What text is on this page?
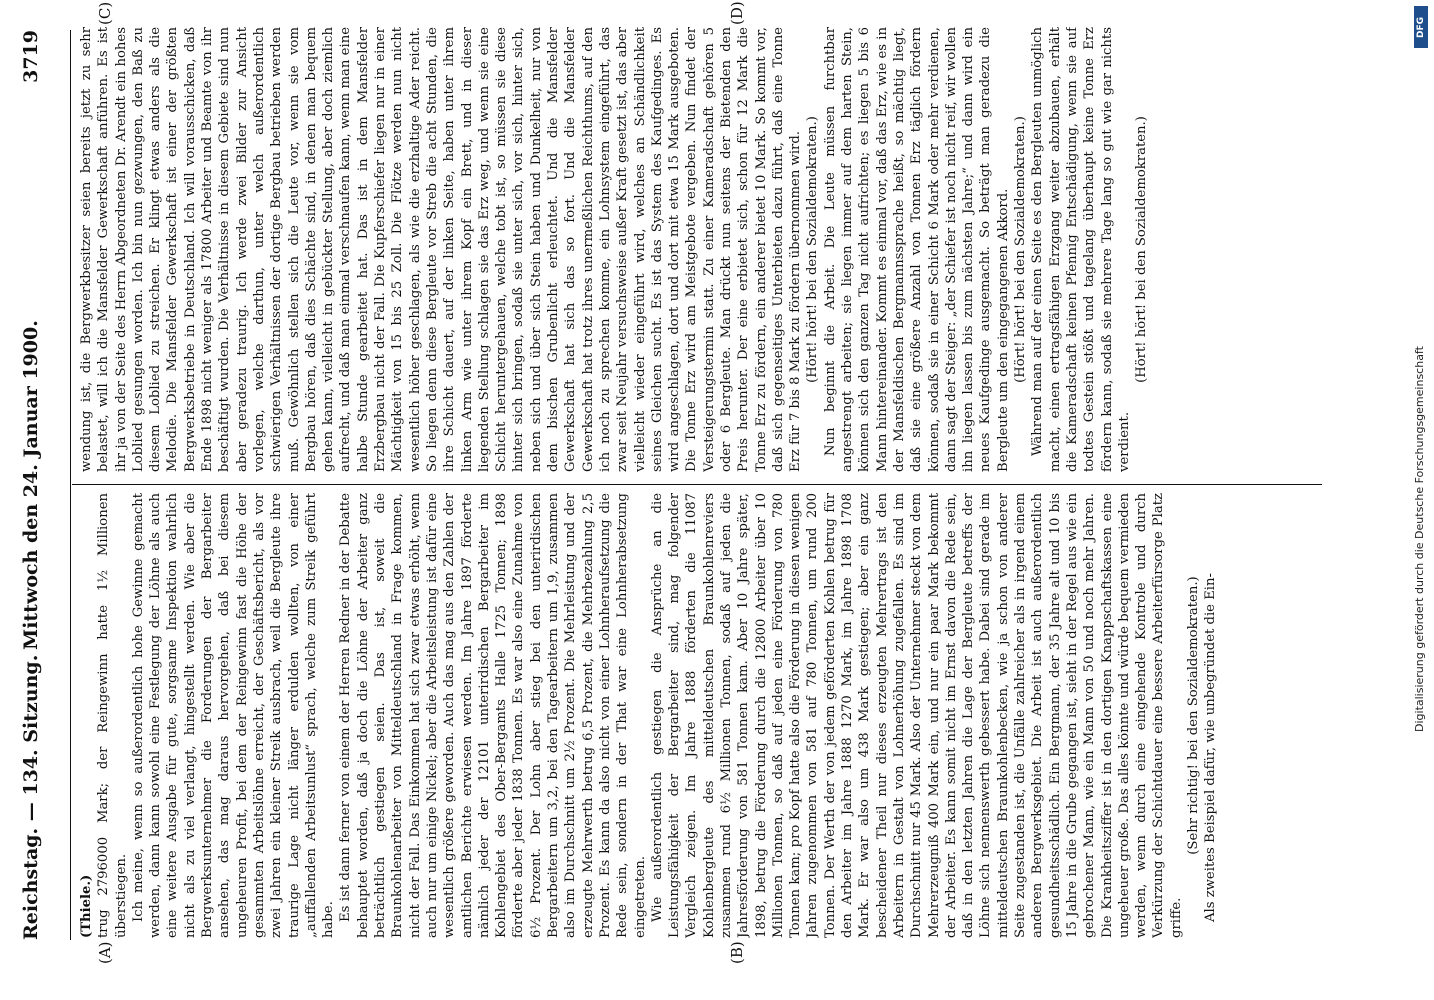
Reichstag. — 134. Sitzung.
Mittwoch den 24. Januar 1900.
3719
(A)	(B)
(C)	(D)

(Thiele.) trug 2796000 Mark; der Reingewinn hatte 1½ Millionen überstiegen. Ich meine, wenn so außerordentlich hohe Gewinne gemacht werden, dann kann sowohl eine Festlegung der Löhne als auch eine weitere Ausgabe für gute, sorgsame Inspektion wahrlich nicht als zu viel verlangt, hingestellt werden. Wie aber die Bergwerksunternehmer die Forderungen der Bergarbeiter ansehen, das mag daraus hervorgehen, daß bei diesem ungeheuren Profit, bei dem der Reingewinn fast die Höhe der gesammten Arbeitslöhne erreicht, der Geschäftsbericht, als vor zwei Jahren ein kleiner Streik ausbrach, weil die Bergleute ihre traurige Lage nicht länger erdulden wollten, von einer „auffallenden Arbeitsunlust“ sprach, welche zum Streik geführt habe. Es ist dann ferner von einem der Herren Redner in der Debatte behauptet worden, daß ja doch die Löhne der Arbeiter ganz beträchtlich gestiegen seien. Das ist, soweit die Braunkohlenarbeiter von Mitteldeutschland in Frage kommen, nicht der Fall. Das Einkommen hat sich zwar etwas erhöht, wenn auch nur um einige Nickel; aber die Arbeitsleistung ist dafür eine wesentlich größere geworden. Auch das mag aus den Zahlen der amtlichen Berichte erwiesen werden. Im Jahre 1897 förderte nämlich jeder der 12101 unterirdischen Bergarbeiter im Kohlengebiet des Ober-Bergamts Halle 1725 Tonnen; 1898 förderte aber jeder 1838 Tonnen. Es war also eine Zunahme von 6½ Prozent. Der Lohn aber stieg bei den unterirdischen Bergarbeitern um 3,2, bei den Tagearbeitern um 1,9, zusammen also im Durchschnitt um 2½ Prozent. Die Mehrleistung und der erzeugte Mehrwerth betrug 6,5 Prozent, die Mehrbezahlung 2,5 Prozent. Es kann da also nicht von einer Lohnheraufsetzung die Rede sein, sondern in der That war eine Lohnherabsetzung eingetreten. Wie außerordentlich gestiegen die Ansprüche an die Leistungsfähigkeit der Bergarbeiter sind, mag folgender Vergleich zeigen. Im Jahre 1888 förderten die 11087 Kohlenbergleute des mitteldeutschen Braunkohlenreviers zusammen rund 6½ Millionen Tonnen, sodaß auf jeden die Jahresförderung von 581 Tonnen kam. Aber 10 Jahre später, 1898, betrug die Förderung durch die 12800 Arbeiter über 10 Millionen Tonnen, so daß auf jeden eine Förderung von 780 Tonnen kam; pro Kopf hatte also die Förderung in diesen wenigen Jahren zugenommen von 581 auf 780 Tonnen, um rund 200 Tonnen. Der Werth der von jedem geförderten Kohlen betrug für den Arbeiter im Jahre 1888 1270 Mark, im Jahre 1898 1708 Mark. Er war also um 438 Mark gestiegen; aber ein ganz bescheidener Theil nur dieses erzeugten Mehrertrags ist den Arbeitern in Gestalt von Lohnerhöhung zugefallen. Es sind im Durchschnitt nur 45 Mark. Also der Unternehmer steckt von dem Mehrerzeugniß 400 Mark ein, und nur ein paar Mark bekommt der Arbeiter. Es kann somit nicht im Ernst davon die Rede sein, daß in den letzten Jahren die Lage der Bergleute betreffs der Löhne sich nennenswerth gebessert habe. Dabei sind gerade im mitteldeutschen Braunkohlenbecken, wie ja schon von anderer Seite zugestanden ist, die Unfälle zahlreicher als in irgend einem anderen Bergwerksgebiet. Die Arbeit ist auch außerordentlich gesundheitsschädlich. Ein Bergmann, der 35 Jahre alt und 10 bis 15 Jahre in die Grube gegangen ist, sieht in der Regel aus wie ein gebrochener Mann, wie ein Mann von 50 und noch mehr Jahren. Die Krankheitsziffer ist in den dortigen Knappschaftskassen eine ungeheuer große. Das alles könnte und würde bequem vermieden werden, wenn durch eine eingehende Kontrole und durch Verkürzung der Schichtdauer eine bessere Arbeiterfürsorge Platz griffe.

(Sehr richtig! bei den Sozialdemokraten.) Als zweites Beispiel dafür, wie unbegründet die Ein-

wendung ist, die Bergwerkbesitzer seien bereits jetzt zu sehr belastet, will ich die Mansfelder Gewerkschaft anführen. Es ist ihr ja von der Seite des Herrn Abgeordneten Dr. Arendt ein hohes Loblied gesungen worden. Ich bin nun gezwungen, den Baß zu diesem Loblied zu streichen. Er klingt etwas anders als die Melodie. Die Mansfelder Gewerkschaft ist einer der größten Bergwerksbetriebe in Deutschland. Ich will vorausschicken, daß Ende 1898 nicht weniger als 17800 Arbeiter und Beamte von ihr beschäftigt wurden. Die Verhältnisse in diesem Gebiete sind nun aber geradezu traurig. Ich werde zwei Bilder zur Ansicht vorlegen, welche darthun, unter welch außerordentlich schwierigen Verhältnissen der dortige Bergbau betrieben werden muß. Gewöhnlich stellen sich die Leute vor, wenn sie vom Bergbau hören, daß dies Schächte sind, in denen man bequem gehen kann, vielleicht in gebückter Stellung, aber doch ziemlich aufrecht, und daß man einmal verschnaufen kann, wenn man eine halbe Stunde gearbeitet hat. Das ist in dem Mansfelder Erzbergbau nicht der Fall. Die Kupferschiefer liegen nur in einer Mächtigkeit von 15 bis 25 Zoll. Die Flötze werden nun nicht wesentlich höher geschlagen, als wie die erzhaltige Ader reicht. So liegen denn diese Bergleute vor Streb die acht Stunden, die ihre Schicht dauert, auf der linken Seite, haben unter ihrem linken Arm wie unter ihrem Kopf ein Brett, und in dieser liegenden Stellung schlagen sie das Erz weg, und wenn sie eine Schicht heruntergehauen, welche tobt ist, so müssen sie diese hinter sich bringen, sodaß sie unter sich, vor sich, hinter sich, neben sich und über sich Stein haben und Dunkelheit, nur von dem bischen Grubenlicht erleuchtet. Und die Mansfelder Gewerkschaft hat sich das so fort. Und die Mansfelder Gewerkschaft hat trotz ihres unermeßlichen Reichthums, auf den ich noch zu sprechen komme, ein Lohnsystem eingeführt, das zwar seit Neujahr versuchsweise außer Kraft gesetzt ist, das aber vielleicht wieder eingeführt wird, welches an Schändlichkeit seines Gleichen sucht. Es ist das System des Kaufgedinges. Es wird angeschlagen, dort und dort mit etwa 15 Mark ausgeboten. Die Tonne Erz wird am Meistgebote vergeben. Nun findet der Versteigerungstermin statt. Zu einer Kameradschaft gehören 5 oder 6 Bergleute. Man drückt nun seitens der Bietenden den Preis herunter. Der eine erbietet sich, schon für 12 Mark die Tonne Erz zu fördern, ein anderer bietet 10 Mark. So kommt vor, daß sich gegenseitiges Unterbieten dazu führt, daß eine Tonne Erz für 7 bis 8 Mark zu fördern übernommen wird. (Hört! hört! bei den Sozialdemokraten.) Nun beginnt die Arbeit. Die Leute müssen furchtbar angestrengt arbeiten; sie liegen immer auf dem harten Stein, können sich den ganzen Tag nicht aufrichten; es liegen 5 bis 6 Mann hintereinander. Kommt es einmal vor, daß das Erz, wie es in der Mansfeldischen Bergmannssprache heißt, so mächtig liegt, daß sie eine größere Anzahl von Tonnen Erz täglich fördern können, sodaß sie in einer Schicht 6 Mark oder mehr verdienen, dann sagt der Steiger: „der Schiefer ist noch nicht reif, wir wollen ihn liegen lassen bis zum nächsten Jahre;“ und dann wird ein neues Kaufgedinge ausgemacht. So beträgt man geradezu die Bergleute um den eingegangenen Akkord. (Hört! hört! bei den Sozialdemokraten.) Während man auf der einen Seite es den Bergleuten unmöglich macht, einen ertragsfähigen Erzgang weiter abzubauen, erhält die Kameradschaft keinen Pfennig Entschädigung, wenn sie auf todtes Gestein stößt und tagelang überhaupt keine Tonne Erz fördern kann, sodaß sie mehrere Tage lang so gut wie gar nichts verdient.

(Hört! hört! bei den Sozialdemokraten.)

DFG
Digitalisierung gefördert durch die Deutsche Forschungsgemeinschaft
